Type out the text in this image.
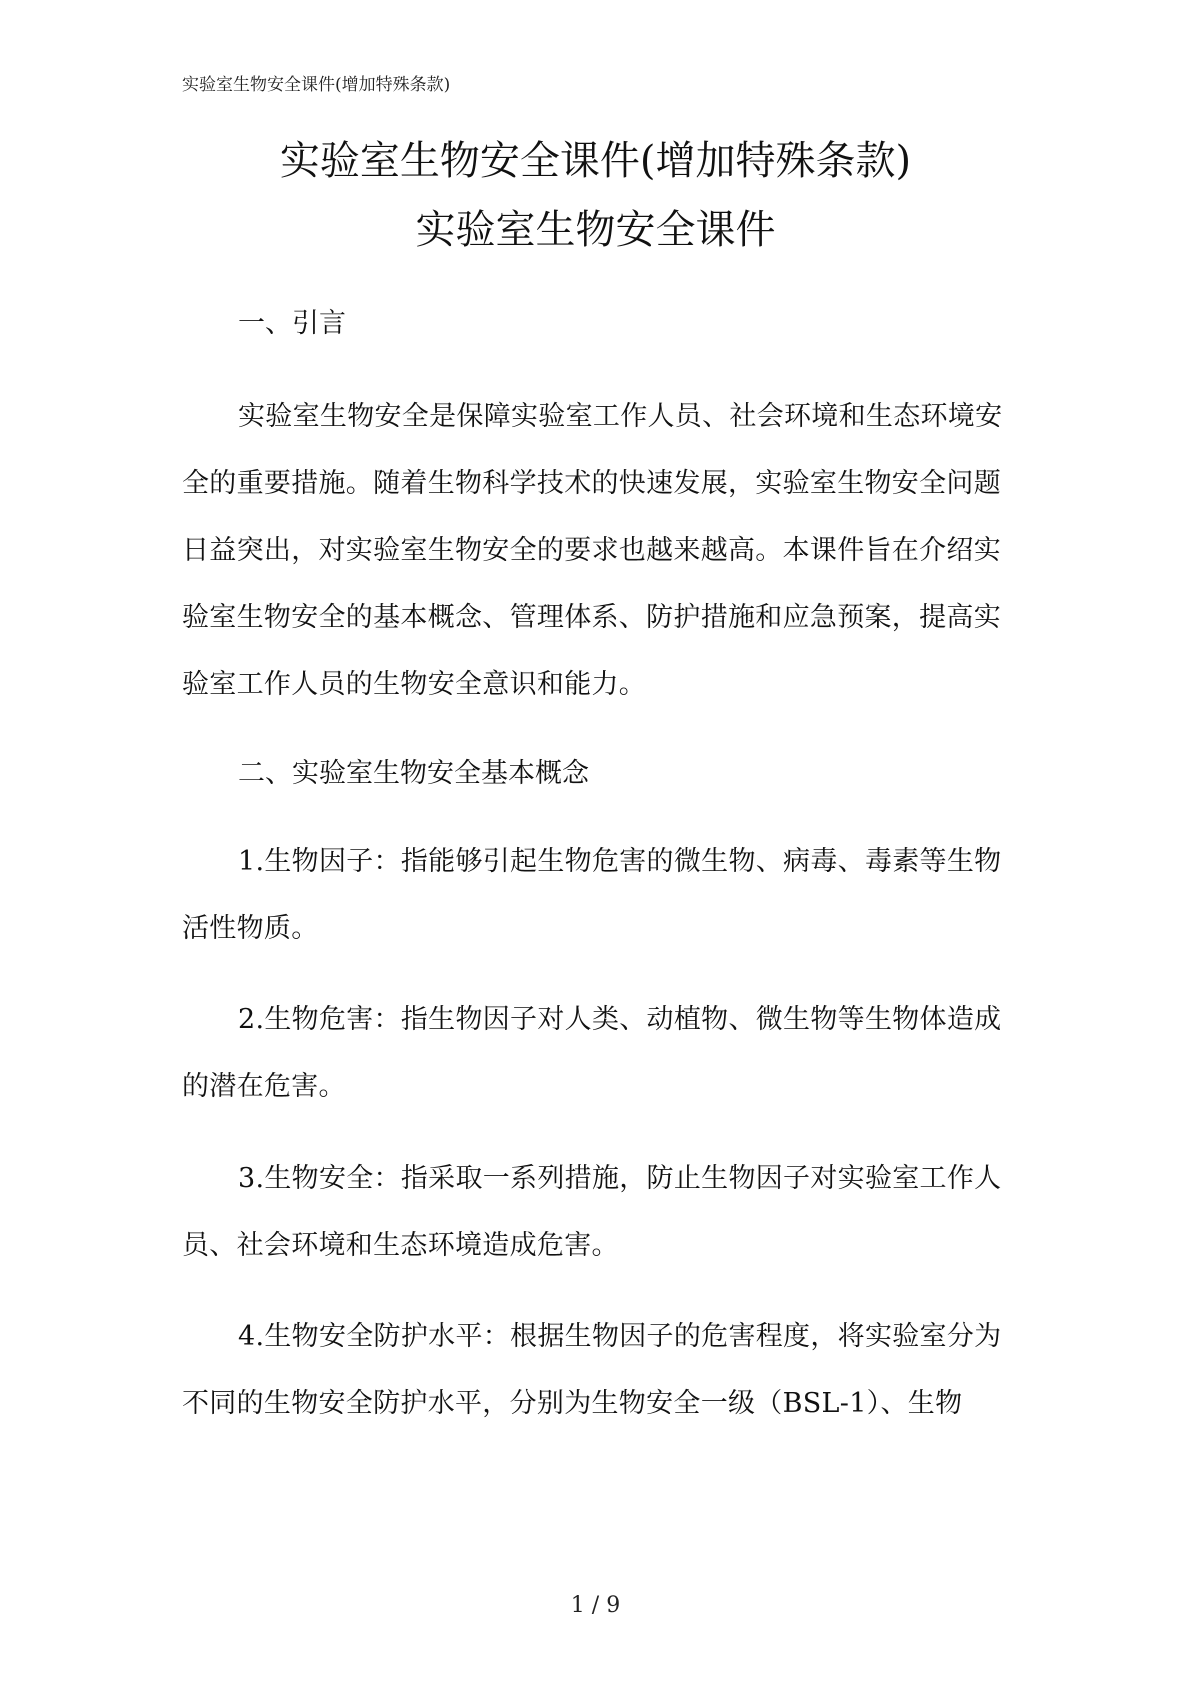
实验室生物安全课件(增加特殊条款)
实验室生物安全课件(增加特殊条款)
实验室生物安全课件
一、引言
实验室生物安全是保障实验室工作人员、社会环境和生态环境安全的重要措施。随着生物科学技术的快速发展，实验室生物安全问题日益突出，对实验室生物安全的要求也越来越高。本课件旨在介绍实验室生物安全的基本概念、管理体系、防护措施和应急预案，提高实验室工作人员的生物安全意识和能力。
二、实验室生物安全基本概念
1.生物因子：指能够引起生物危害的微生物、病毒、毒素等生物活性物质。
2.生物危害：指生物因子对人类、动植物、微生物等生物体造成的潜在危害。
3.生物安全：指采取一系列措施，防止生物因子对实验室工作人员、社会环境和生态环境造成危害。
4.生物安全防护水平：根据生物因子的危害程度，将实验室分为不同的生物安全防护水平，分别为生物安全一级（BSL-1）、生物
1 / 9
